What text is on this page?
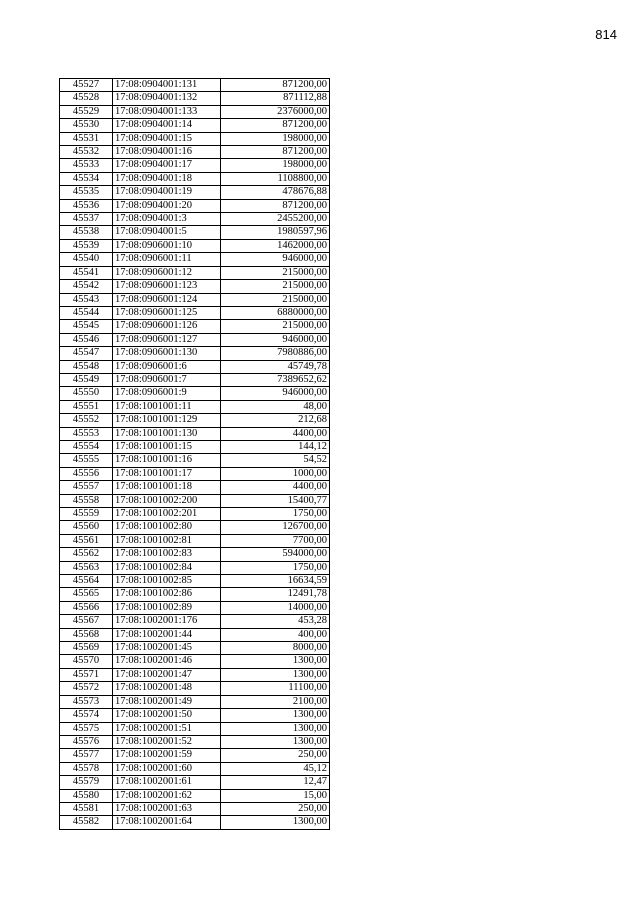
814
45527	17:08:0904001:131	871200,00
45528	17:08:0904001:132	871112,88
45529	17:08:0904001:133	2376000,00
45530	17:08:0904001:14	871200,00
45531	17:08:0904001:15	198000,00
45532	17:08:0904001:16	871200,00
45533	17:08:0904001:17	198000,00
45534	17:08:0904001:18	1108800,00
45535	17:08:0904001:19	478676,88
45536	17:08:0904001:20	871200,00
45537	17:08:0904001:3	2455200,00
45538	17:08:0904001:5	1980597,96
45539	17:08:0906001:10	1462000,00
45540	17:08:0906001:11	946000,00
45541	17:08:0906001:12	215000,00
45542	17:08:0906001:123	215000,00
45543	17:08:0906001:124	215000,00
45544	17:08:0906001:125	6880000,00
45545	17:08:0906001:126	215000,00
45546	17:08:0906001:127	946000,00
45547	17:08:0906001:130	7980886,00
45548	17:08:0906001:6	45749,78
45549	17:08:0906001:7	7389652,62
45550	17:08:0906001:9	946000,00
45551	17:08:1001001:11	48,00
45552	17:08:1001001:129	212,68
45553	17:08:1001001:130	4400,00
45554	17:08:1001001:15	144,12
45555	17:08:1001001:16	54,52
45556	17:08:1001001:17	1000,00
45557	17:08:1001001:18	4400,00
45558	17:08:1001002:200	15400,77
45559	17:08:1001002:201	1750,00
45560	17:08:1001002:80	126700,00
45561	17:08:1001002:81	7700,00
45562	17:08:1001002:83	594000,00
45563	17:08:1001002:84	1750,00
45564	17:08:1001002:85	16634,59
45565	17:08:1001002:86	12491,78
45566	17:08:1001002:89	14000,00
45567	17:08:1002001:176	453,28
45568	17:08:1002001:44	400,00
45569	17:08:1002001:45	8000,00
45570	17:08:1002001:46	1300,00
45571	17:08:1002001:47	1300,00
45572	17:08:1002001:48	11100,00
45573	17:08:1002001:49	2100,00
45574	17:08:1002001:50	1300,00
45575	17:08:1002001:51	1300,00
45576	17:08:1002001:52	1300,00
45577	17:08:1002001:59	250,00
45578	17:08:1002001:60	45,12
45579	17:08:1002001:61	12,47
45580	17:08:1002001:62	15,00
45581	17:08:1002001:63	250,00
45582	17:08:1002001:64	1300,00
